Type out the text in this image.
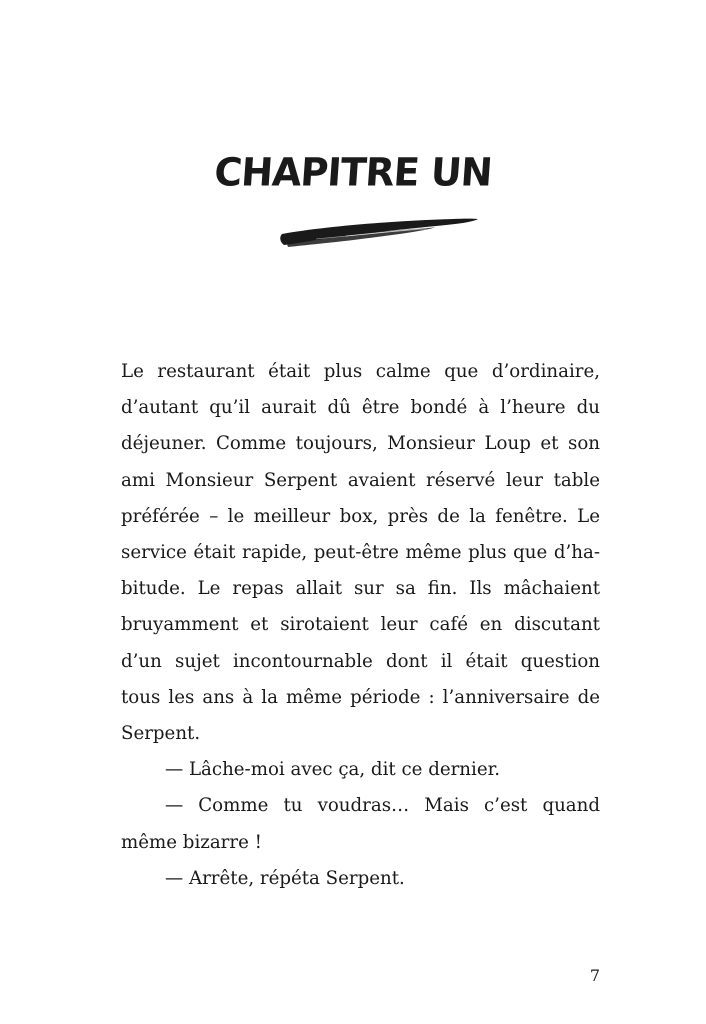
CHAPITRE UN

Le restaurant était plus calme que d’ordinaire, d’autant qu’il aurait dû être bondé à l’heure du déjeuner. Comme toujours, Monsieur Loup et son ami Monsieur Serpent avaient réservé leur table préférée – le meilleur box, près de la fenêtre. Le service était rapide, peut-être même plus que d’habitude. Le repas allait sur sa fin. Ils mâchaient bruyamment et sirotaient leur café en discutant d’un sujet incontournable dont il était question tous les ans à la même période : l’anniversaire de Serpent.

— Lâche-moi avec ça, dit ce dernier.

— Comme tu voudras… Mais c’est quand même bizarre !

— Arrête, répéta Serpent.

7
